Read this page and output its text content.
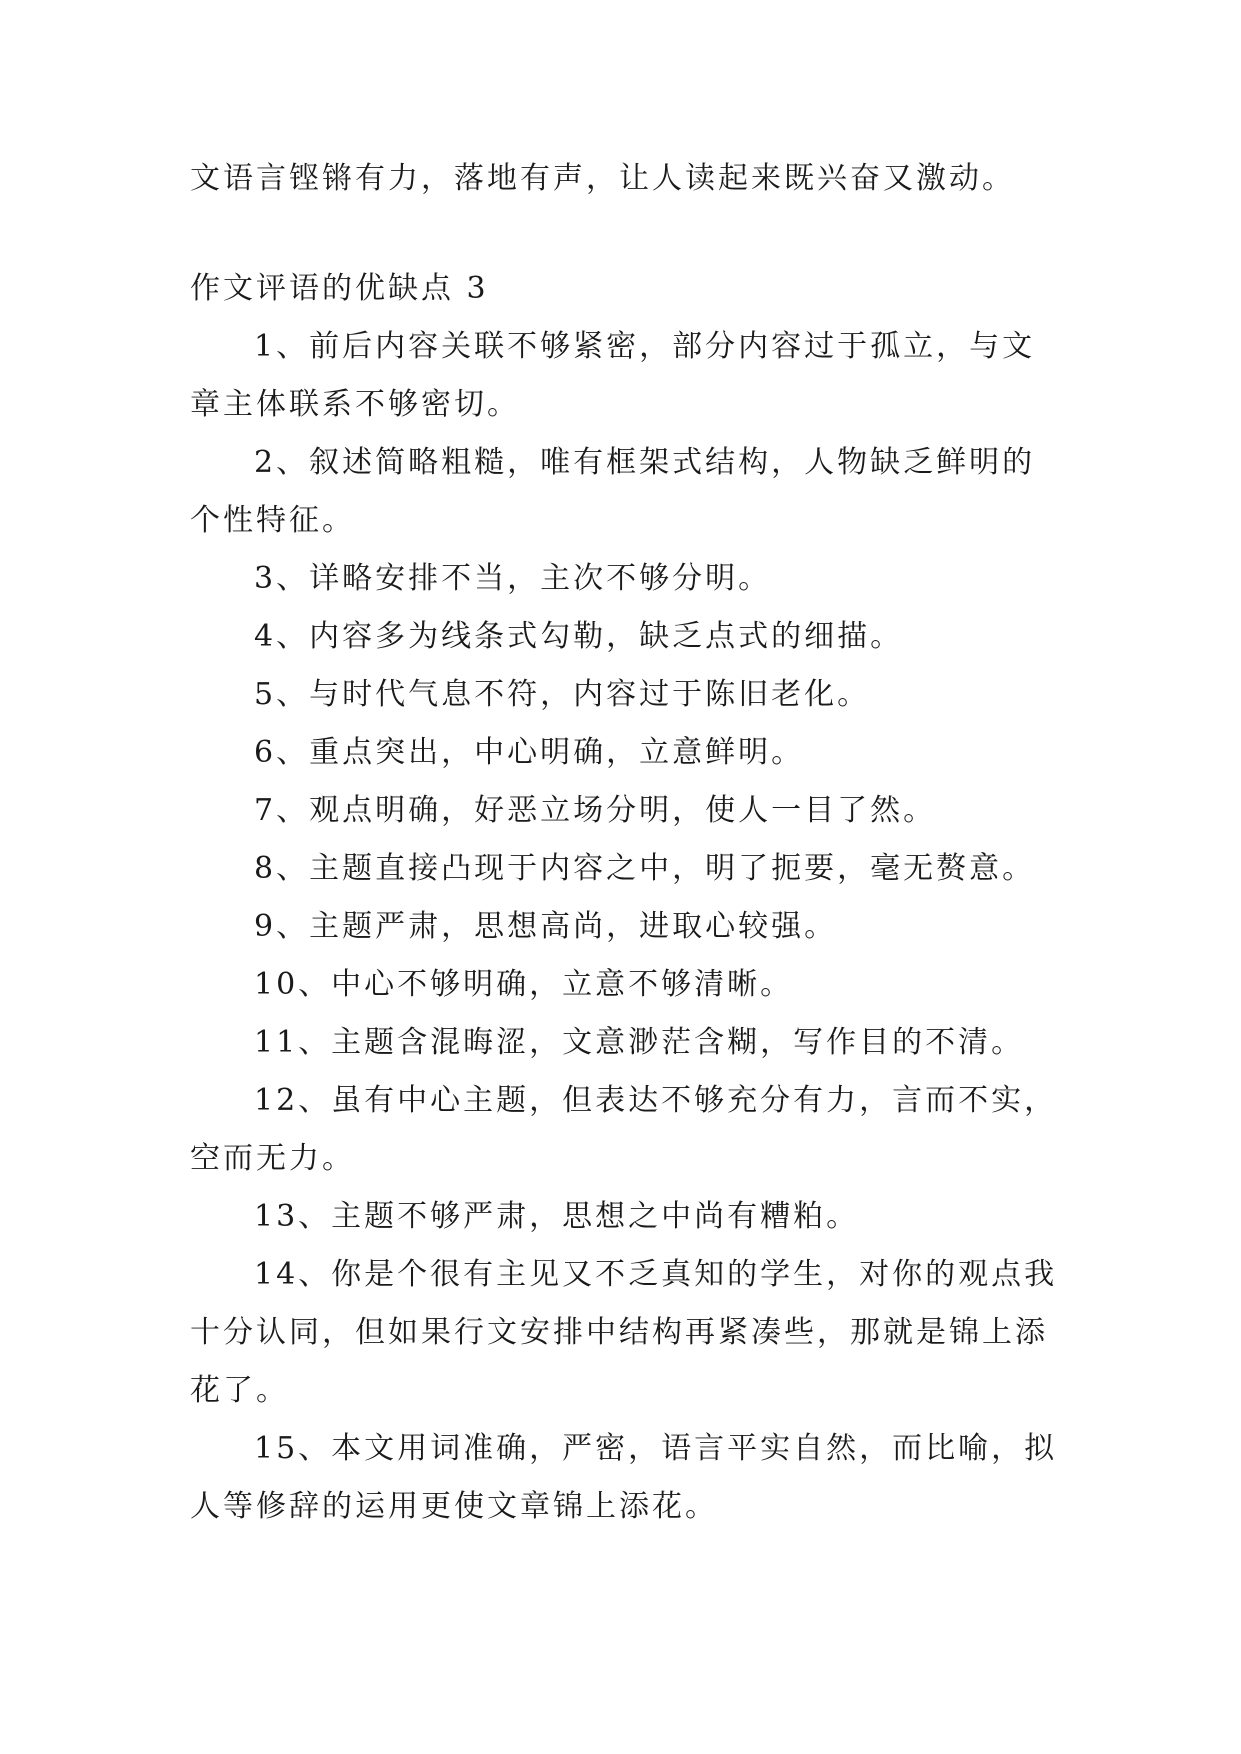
文语言铿锵有力，落地有声，让人读起来既兴奋又激动。

作文评语的优缺点 3

1、前后内容关联不够紧密，部分内容过于孤立，与文

章主体联系不够密切。

2、叙述简略粗糙，唯有框架式结构，人物缺乏鲜明的

个性特征。

3、详略安排不当，主次不够分明。

4、内容多为线条式勾勒，缺乏点式的细描。

5、与时代气息不符，内容过于陈旧老化。

6、重点突出，中心明确，立意鲜明。

7、观点明确，好恶立场分明，使人一目了然。

8、主题直接凸现于内容之中，明了扼要，毫无赘意。

9、主题严肃，思想高尚，进取心较强。

10、中心不够明确，立意不够清晰。

11、主题含混晦涩，文意渺茫含糊，写作目的不清。

12、虽有中心主题，但表达不够充分有力，言而不实，

空而无力。

13、主题不够严肃，思想之中尚有糟粕。

14、你是个很有主见又不乏真知的学生，对你的观点我

十分认同，但如果行文安排中结构再紧凑些，那就是锦上添

花了。

15、本文用词准确，严密，语言平实自然，而比喻，拟

人等修辞的运用更使文章锦上添花。
